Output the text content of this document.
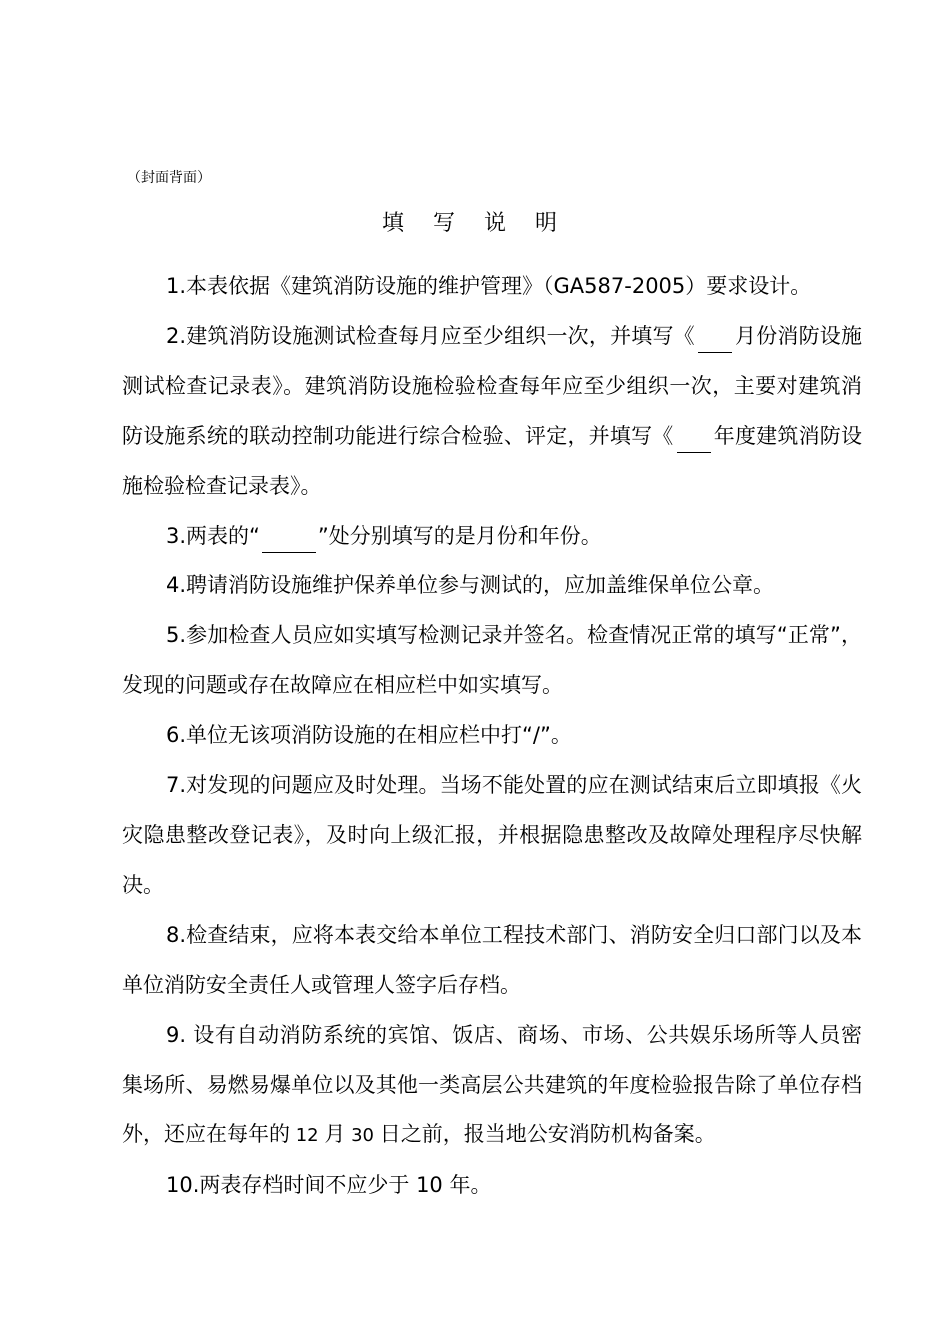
（封面背面）
填 写 说 明

1.本表依据《建筑消防设施的维护管理》（GA587-2005）要求设计。

2.建筑消防设施测试检查每月应至少组织一次，并填写《 月份消防设施测试检查记录表》。建筑消防设施检验检查每年应至少组织一次，主要对建筑消防设施系统的联动控制功能进行综合检验、评定，并填写《 年度建筑消防设施检验检查记录表》。

3.两表的“	”处分别填写的是月份和年份。

4.聘请消防设施维护保养单位参与测试的，应加盖维保单位公章。

5.参加检查人员应如实填写检测记录并签名。检查情况正常的填写“正常”，发现的问题或存在故障应在相应栏中如实填写。

6.单位无该项消防设施的在相应栏中打“/”。

7.对发现的问题应及时处理。当场不能处置的应在测试结束后立即填报《火灾隐患整改登记表》，及时向上级汇报，并根据隐患整改及故障处理程序尽快解决。

8.检查结束，应将本表交给本单位工程技术部门、消防安全归口部门以及本单位消防安全责任人或管理人签字后存档。

9. 设有自动消防系统的宾馆、饭店、商场、市场、公共娱乐场所等人员密集场所、易燃易爆单位以及其他一类高层公共建筑的年度检验报告除了单位存档外，还应在每年的 12 月 30 日之前，报当地公安消防机构备案。

10.两表存档时间不应少于 10 年。
